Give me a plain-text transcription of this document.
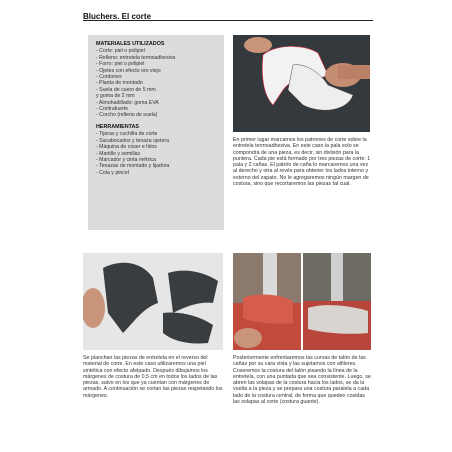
Bluchers. El corte
MATERIALES UTILIZADOS
- Corte: piel o polipiel
- Relleno: entretela termoadhesiva
- Forro: piel o polipiel
- Ojetes con efecto oro viejo
- Cordones
- Planta de montado
- Suela de cuero de 5 mm
y goma de 2 mm
- Almohadillado: goma EVA
- Contrafuerte
- Corcho (relleno de suela)
HERRAMIENTAS
- Tijeras y cuchilla de corte
- Sacabocados y tenaza ojetera
- Máquina de coser e hilos
- Martillo y semillas
- Marcador y cinta métrica
- Tenazas de montado y lijadora
- Cola y pincel
En primer lugar marcamos los patrones de corte sobre la entretela termoadhesiva. En este caso la pala solo se compondrá de una pieza, es decir, sin división para la puntera. Cada pie está formado por tres piezas de corte: 1 pala y 2 cañas. El patrón de caña lo marcaremos una vez al derecho y otra al revés para obtener los lados interno y externo del zapato. No le agregaremos ningún margen de costura, sino que recortaremos las piezas tal cual.
Se planchan las piezas de entretela en el reverso del material de corte. En este caso utilizaremos una piel sintética con efecto afelpado. Después dibujamos los márgenes de costura de 0,5 cm en todos los lados de las piezas, salvo en los que ya cuentan con márgenes de armado. A continuación se cortan las piezas respetando los márgenes.
Posteriormente enfrentaremos las curvas de talón de las cañas por su cara vista y las sujetamos con alfileres. Coseremos la costura del talón pisando la línea de la entretela, con una puntada que sea consistente. Luego, se abren las solapas de la costura hacia los lados, se da la vuelta a la pieza y se prepara una costura paralela a cada lado de la costura central, de forma que queden cosidas las solapas al corte (costura guante).
